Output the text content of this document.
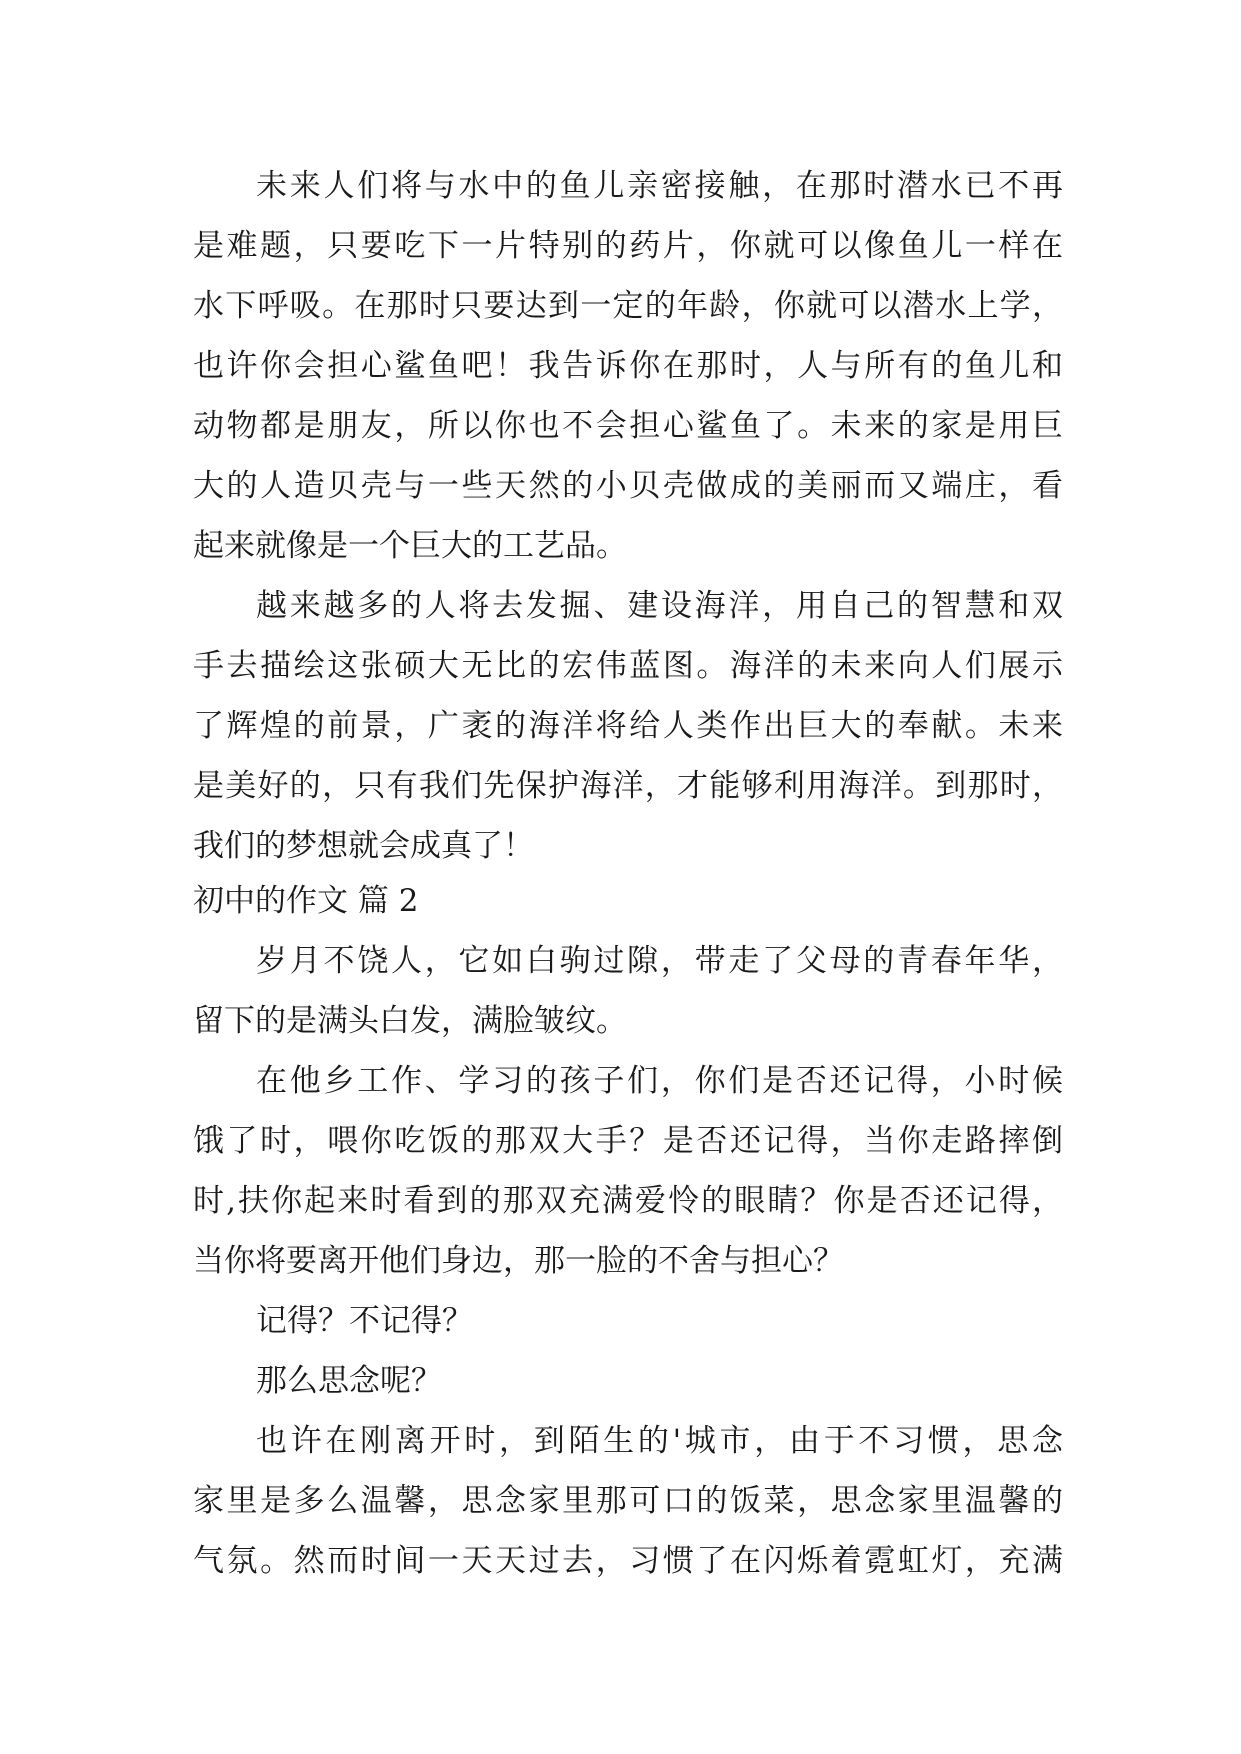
未来人们将与水中的鱼儿亲密接触，在那时潜水已不再
是难题，只要吃下一片特别的药片，你就可以像鱼儿一样在
水下呼吸。在那时只要达到一定的年龄，你就可以潜水上学，
也许你会担心鲨鱼吧！我告诉你在那时，人与所有的鱼儿和
动物都是朋友，所以你也不会担心鲨鱼了。未来的家是用巨
大的人造贝壳与一些天然的小贝壳做成的美丽而又端庄，看
起来就像是一个巨大的工艺品。
越来越多的人将去发掘、建设海洋，用自己的智慧和双
手去描绘这张硕大无比的宏伟蓝图。海洋的未来向人们展示
了辉煌的前景，广袤的海洋将给人类作出巨大的奉献。未来
是美好的，只有我们先保护海洋，才能够利用海洋。到那时，
我们的梦想就会成真了！
初中的作文 篇 2
岁月不饶人，它如白驹过隙，带走了父母的青春年华，
留下的是满头白发，满脸皱纹。
在他乡工作、学习的孩子们，你们是否还记得，小时候
饿了时，喂你吃饭的那双大手？是否还记得，当你走路摔倒
时,扶你起来时看到的那双充满爱怜的眼睛？你是否还记得，
当你将要离开他们身边，那一脸的不舍与担心？
记得？不记得？
那么思念呢？
也许在刚离开时，到陌生的'城市，由于不习惯，思念
家里是多么温馨，思念家里那可口的饭菜，思念家里温馨的
气氛。然而时间一天天过去，习惯了在闪烁着霓虹灯，充满
